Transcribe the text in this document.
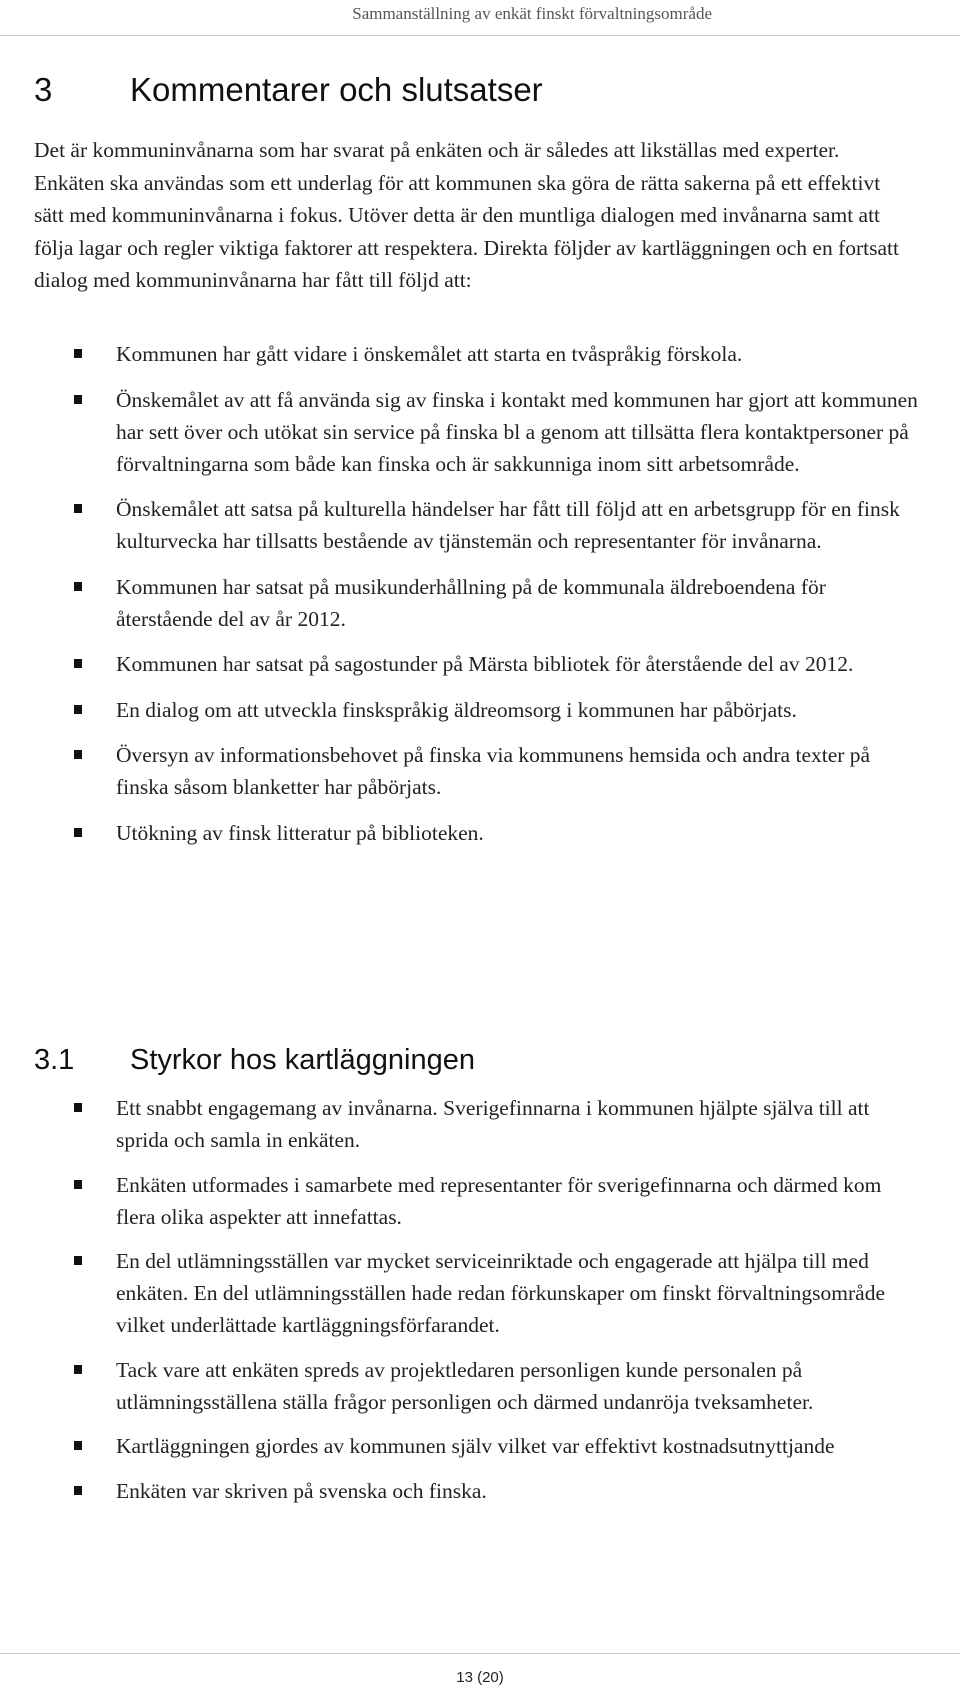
Sammanställning av enkät finskt förvaltningsområde
3 Kommentarer och slutsatser

Det är kommuninvånarna som har svarat på enkäten och är således att likställas med experter. Enkäten ska användas som ett underlag för att kommunen ska göra de rätta sakerna på ett effektivt sätt med kommuninvånarna i fokus. Utöver detta är den muntliga dialogen med invånarna samt att följa lagar och regler viktiga faktorer att respektera. Direkta följder av kartläggningen och en fortsatt dialog med kommuninvånarna har fått till följd att:

Kommunen har gått vidare i önskemålet att starta en tvåspråkig förskola.
Önskemålet av att få använda sig av finska i kontakt med kommunen har gjort att kommunen har sett över och utökat sin service på finska bl a genom att tillsätta flera kontaktpersoner på förvaltningarna som både kan finska och är sakkunniga inom sitt arbetsområde.
Önskemålet att satsa på kulturella händelser har fått till följd att en arbetsgrupp för en finsk kulturvecka har tillsatts bestående av tjänstemän och representanter för invånarna.
Kommunen har satsat på musikunderhållning på de kommunala äldreboendena för återstående del av år 2012.
Kommunen har satsat på sagostunder på Märsta bibliotek för återstående del av 2012.
En dialog om att utveckla finskspråkig äldreomsorg i kommunen har påbörjats.
Översyn av informationsbehovet på finska via kommunens hemsida och andra texter på finska såsom blanketter har påbörjats.
Utökning av finsk litteratur på biblioteken.
3.1 Styrkor hos kartläggningen
Ett snabbt engagemang av invånarna. Sverigefinnarna i kommunen hjälpte själva till att sprida och samla in enkäten.
Enkäten utformades i samarbete med representanter för sverigefinnarna och därmed kom flera olika aspekter att innefattas.
En del utlämningsställen var mycket serviceinriktade och engagerade att hjälpa till med enkäten. En del utlämningsställen hade redan förkunskaper om finskt förvaltningsområde vilket underlättade kartläggningsförfarandet.
Tack vare att enkäten spreds av projektledaren personligen kunde personalen på utlämningsställena ställa frågor personligen och därmed undanröja tveksamheter.
Kartläggningen gjordes av kommunen själv vilket var effektivt kostnadsutnyttjande
Enkäten var skriven på svenska och finska.
13 (20)
